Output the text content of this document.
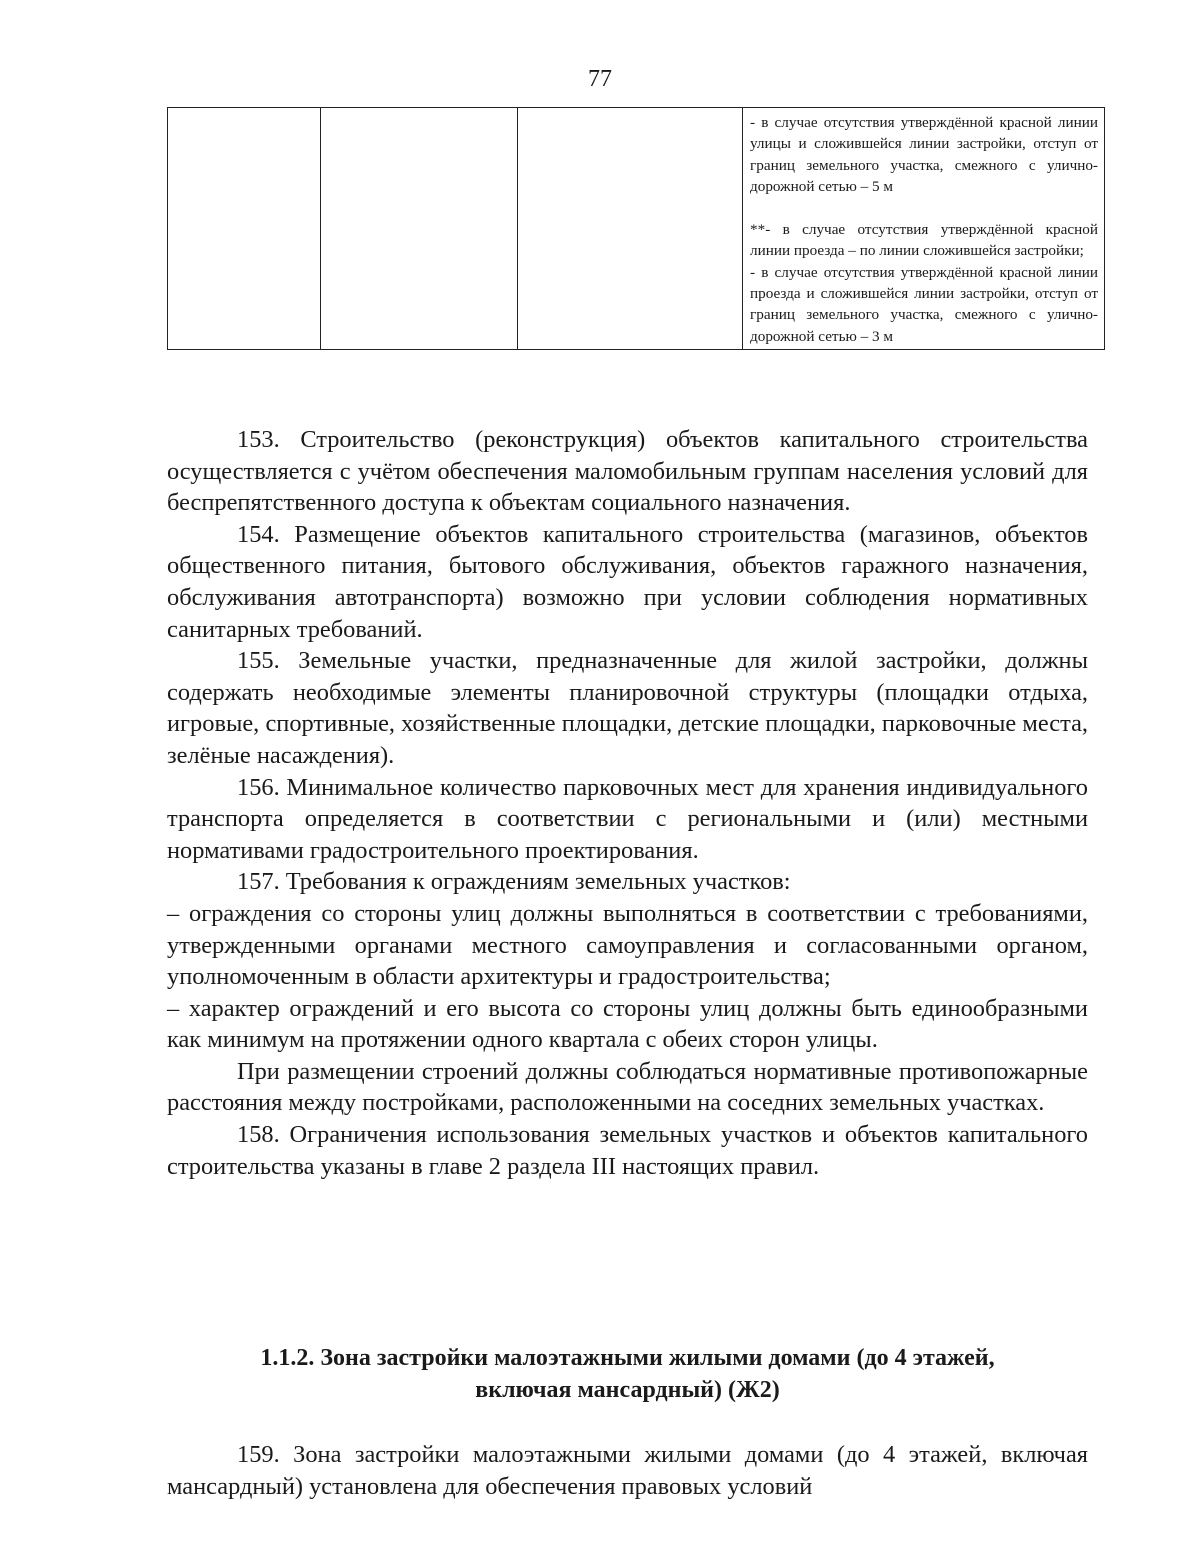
77

- в случае отсутствия утверждённой красной линии улицы и сложившейся линии застройки, отступ от границ земельного участка, смежного с улично-дорожной сетью – 5 м

**- в случае отсутствия утверждённой красной линии проезда – по линии сложившейся застройки;

- в случае отсутствия утверждённой красной линии проезда и сложившейся линии застройки, отступ от границ земельного участка, смежного с улично-дорожной сетью – 3 м

153. Строительство (реконструкция) объектов капитального строительства осуществляется с учётом обеспечения маломобильным группам населения условий для беспрепятственного доступа к объектам социального назначения.

154. Размещение объектов капитального строительства (магазинов, объектов общественного питания, бытового обслуживания, объектов гаражного назначения, обслуживания автотранспорта) возможно при условии соблюдения нормативных санитарных требований.

155. Земельные участки, предназначенные для жилой застройки, должны содержать необходимые элементы планировочной структуры (площадки отдыха, игровые, спортивные, хозяйственные площадки, детские площадки, парковочные места, зелёные насаждения).

156. Минимальное количество парковочных мест для хранения индивидуального транспорта определяется в соответствии с региональными и (или) местными нормативами градостроительного проектирования.

157. Требования к ограждениям земельных участков:

– ограждения со стороны улиц должны выполняться в соответствии с требованиями, утвержденными органами местного самоуправления и согласованными органом, уполномоченным в области архитектуры и градостроительства;

– характер ограждений и его высота со стороны улиц должны быть единообразными как минимум на протяжении одного квартала с обеих сторон улицы.

При размещении строений должны соблюдаться нормативные противопожарные расстояния между постройками, расположенными на соседних земельных участках.

158. Ограничения использования земельных участков и объектов капитального строительства указаны в главе 2 раздела III настоящих правил.

1.1.2. Зона застройки малоэтажными жилыми домами (до 4 этажей,
включая мансардный) (Ж2)

159. Зона застройки малоэтажными жилыми домами (до 4 этажей, включая мансардный) установлена для обеспечения правовых условий
